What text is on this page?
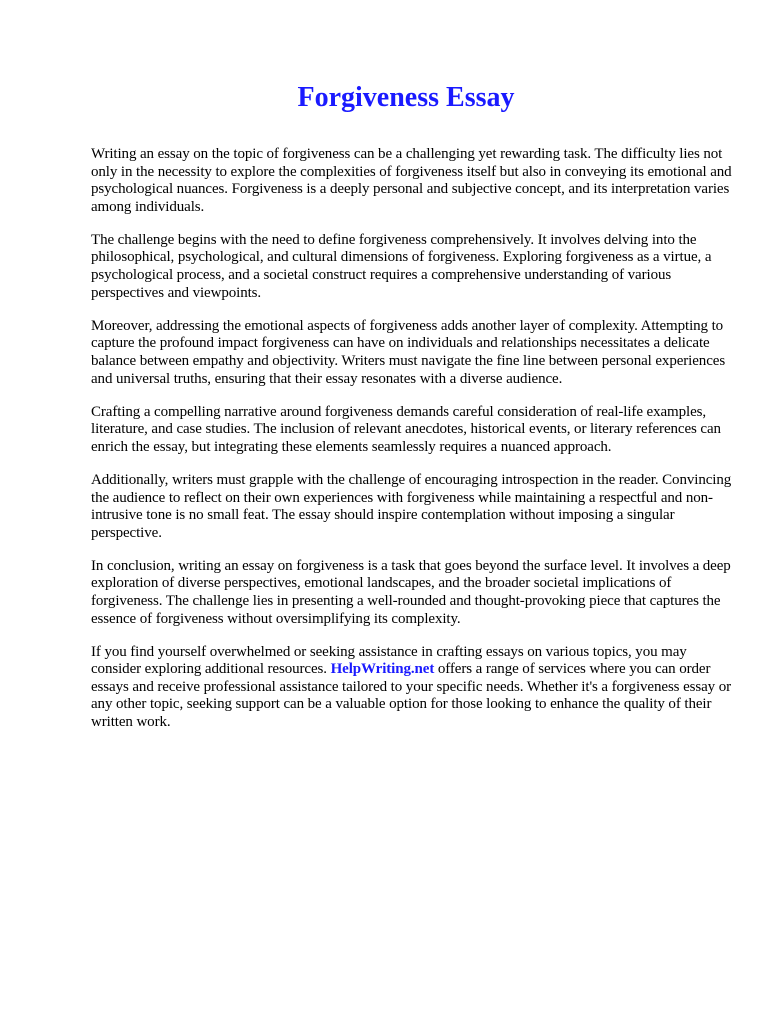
Forgiveness Essay

Writing an essay on the topic of forgiveness can be a challenging yet rewarding task. The difficulty lies not only in the necessity to explore the complexities of forgiveness itself but also in conveying its emotional and psychological nuances. Forgiveness is a deeply personal and subjective concept, and its interpretation varies among individuals.

The challenge begins with the need to define forgiveness comprehensively. It involves delving into the philosophical, psychological, and cultural dimensions of forgiveness. Exploring forgiveness as a virtue, a psychological process, and a societal construct requires a comprehensive understanding of various perspectives and viewpoints.

Moreover, addressing the emotional aspects of forgiveness adds another layer of complexity. Attempting to capture the profound impact forgiveness can have on individuals and relationships necessitates a delicate balance between empathy and objectivity. Writers must navigate the fine line between personal experiences and universal truths, ensuring that their essay resonates with a diverse audience.

Crafting a compelling narrative around forgiveness demands careful consideration of real-life examples, literature, and case studies. The inclusion of relevant anecdotes, historical events, or literary references can enrich the essay, but integrating these elements seamlessly requires a nuanced approach.

Additionally, writers must grapple with the challenge of encouraging introspection in the reader. Convincing the audience to reflect on their own experiences with forgiveness while maintaining a respectful and non-intrusive tone is no small feat. The essay should inspire contemplation without imposing a singular perspective.

In conclusion, writing an essay on forgiveness is a task that goes beyond the surface level. It involves a deep exploration of diverse perspectives, emotional landscapes, and the broader societal implications of forgiveness. The challenge lies in presenting a well-rounded and thought-provoking piece that captures the essence of forgiveness without oversimplifying its complexity.

If you find yourself overwhelmed or seeking assistance in crafting essays on various topics, you may consider exploring additional resources. HelpWriting.net offers a range of services where you can order essays and receive professional assistance tailored to your specific needs. Whether it's a forgiveness essay or any other topic, seeking support can be a valuable option for those looking to enhance the quality of their written work.
